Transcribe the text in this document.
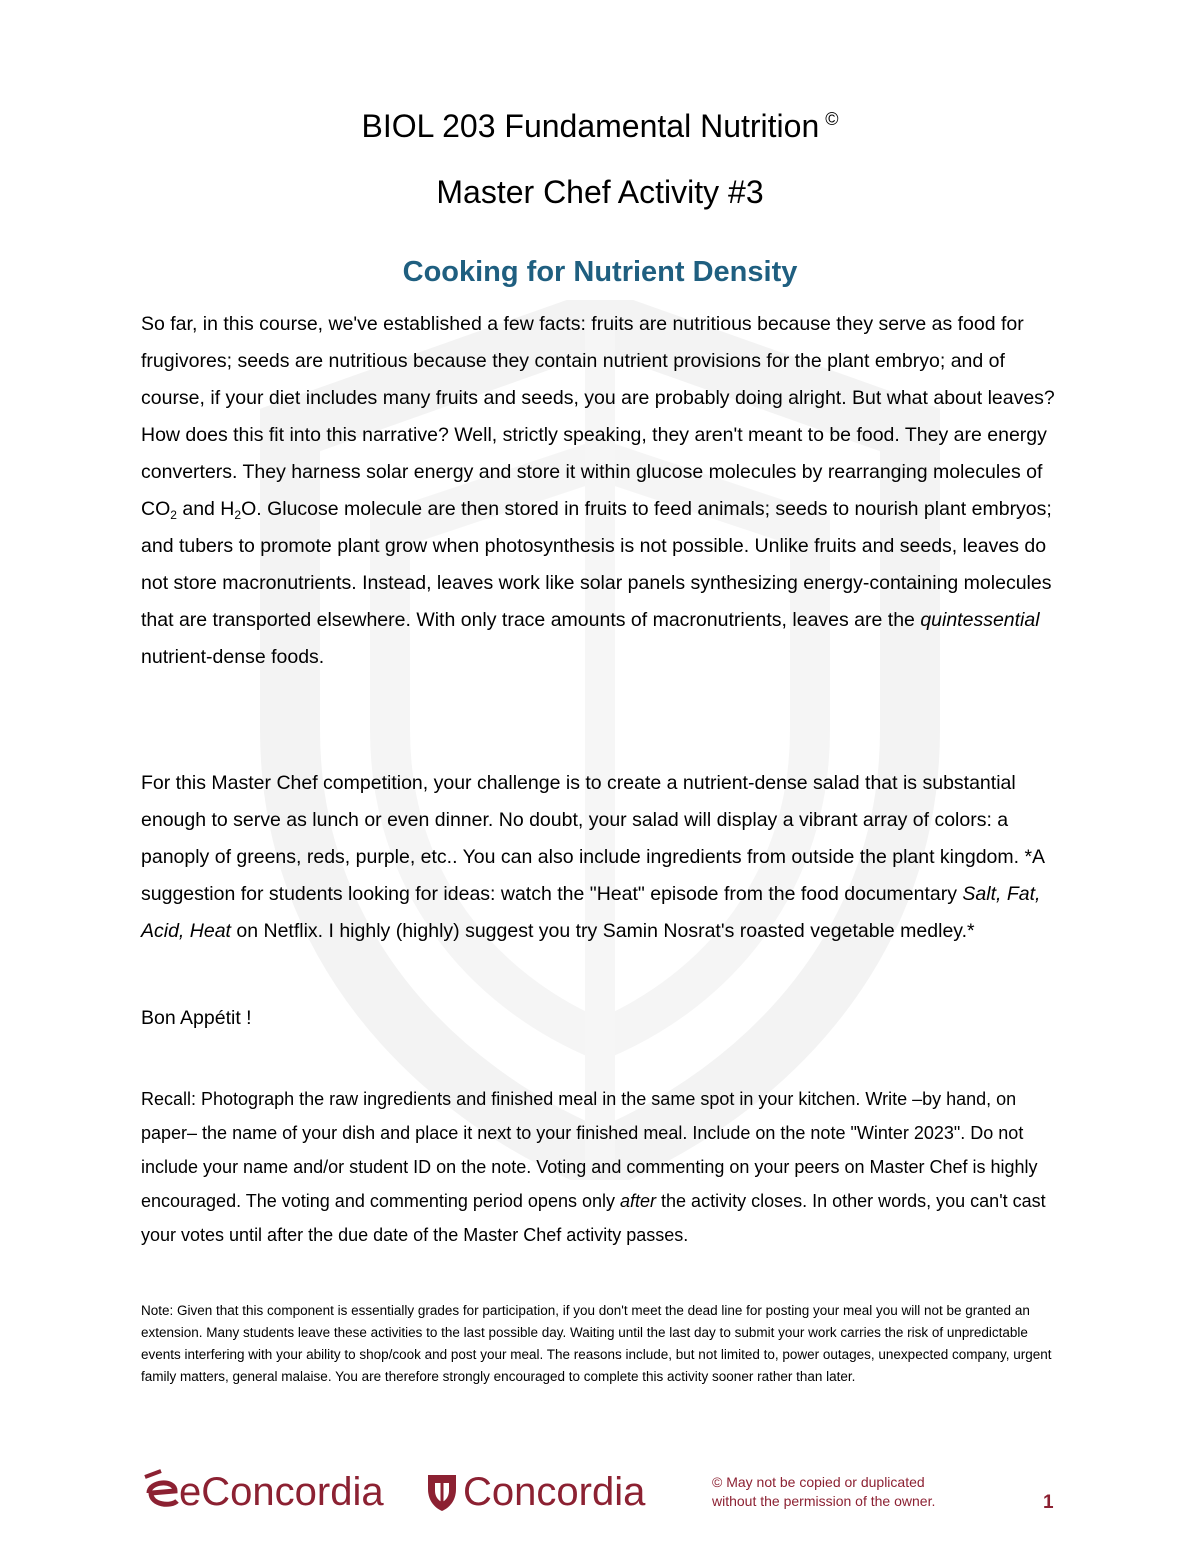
BIOL 203 Fundamental Nutrition ©
Master Chef Activity #3
Cooking for Nutrient Density

So far, in this course, we've established a few facts: fruits are nutritious because they serve as food for frugivores; seeds are nutritious because they contain nutrient provisions for the plant embryo; and of course, if your diet includes many fruits and seeds, you are probably doing alright. But what about leaves? How does this fit into this narrative? Well, strictly speaking, they aren't meant to be food. They are energy converters. They harness solar energy and store it within glucose molecules by rearranging molecules of $CO_2$ and $H_2O$. Glucose molecule are then stored in fruits to feed animals; seeds to nourish plant embryos; and tubers to promote plant grow when photosynthesis is not possible. Unlike fruits and seeds, leaves do not store macronutrients. Instead, leaves work like solar panels synthesizing energy-containing molecules that are transported elsewhere. With only trace amounts of macronutrients, leaves are the quintessential nutrient-dense foods.

For this Master Chef competition, your challenge is to create a nutrient-dense salad that is substantial enough to serve as lunch or even dinner. No doubt, your salad will display a vibrant array of colors: a panoply of greens, reds, purple, etc.. You can also include ingredients from outside the plant kingdom. *A suggestion for students looking for ideas: watch the "Heat" episode from the food documentary Salt, Fat, Acid, Heat on Netflix. I highly (highly) suggest you try Samin Nosrat's roasted vegetable medley.*

Bon Appétit !

Recall: Photograph the raw ingredients and finished meal in the same spot in your kitchen. Write –by hand, on paper– the name of your dish and place it next to your finished meal. Include on the note "Winter 2023". Do not include your name and/or student ID on the note. Voting and commenting on your peers on Master Chef is highly encouraged. The voting and commenting period opens only after the activity closes. In other words, you can't cast your votes until after the due date of the Master Chef activity passes.

Note: Given that this component is essentially grades for participation, if you don't meet the dead line for posting your meal you will not be granted an extension. Many students leave these activities to the last possible day. Waiting until the last day to submit your work carries the risk of unpredictable events interfering with your ability to shop/cook and post your meal. The reasons include, but not limited to, power outages, unexpected company, urgent family matters, general malaise. You are therefore strongly encouraged to complete this activity sooner rather than later.

eConcordia Concordia	© May not be copied or duplicated
without the permission of the owner.	1
